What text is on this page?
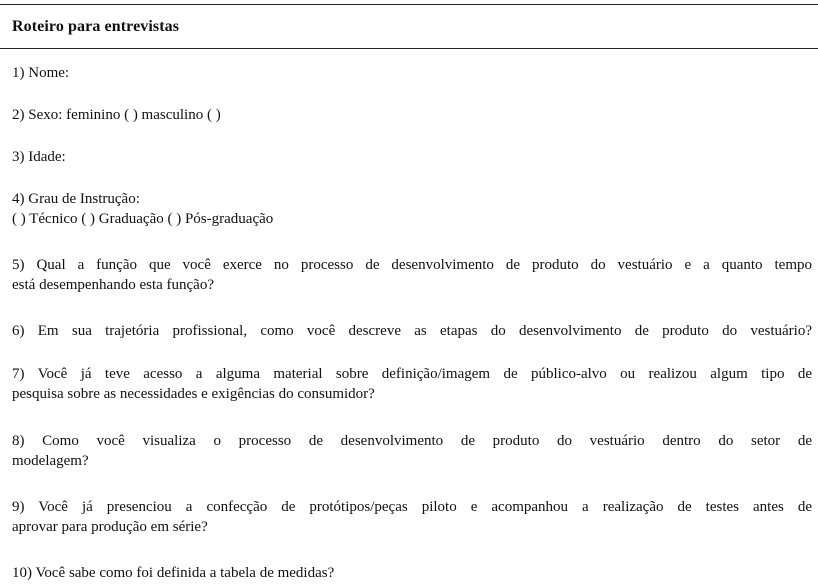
Roteiro para entrevistas
1) Nome:
2) Sexo: feminino ( ) masculino ( )
3) Idade:
4) Grau de Instrução:
( ) Técnico ( ) Graduação ( ) Pós-graduação
5) Qual a função que você exerce no processo de desenvolvimento de produto do vestuário e a quanto tempo
está desempenhando esta função?
6) Em sua trajetória profissional, como você descreve as etapas do desenvolvimento de produto do vestuário?
7) Você já teve acesso a alguma material sobre definição/imagem de público-alvo ou realizou algum tipo de
pesquisa sobre as necessidades e exigências do consumidor?
8) Como você visualiza o processo de desenvolvimento de produto do vestuário dentro do setor de
modelagem?
9) Você já presenciou a confecção de protótipos/peças piloto e acompanhou a realização de testes antes de
aprovar para produção em série?
10) Você sabe como foi definida a tabela de medidas?
